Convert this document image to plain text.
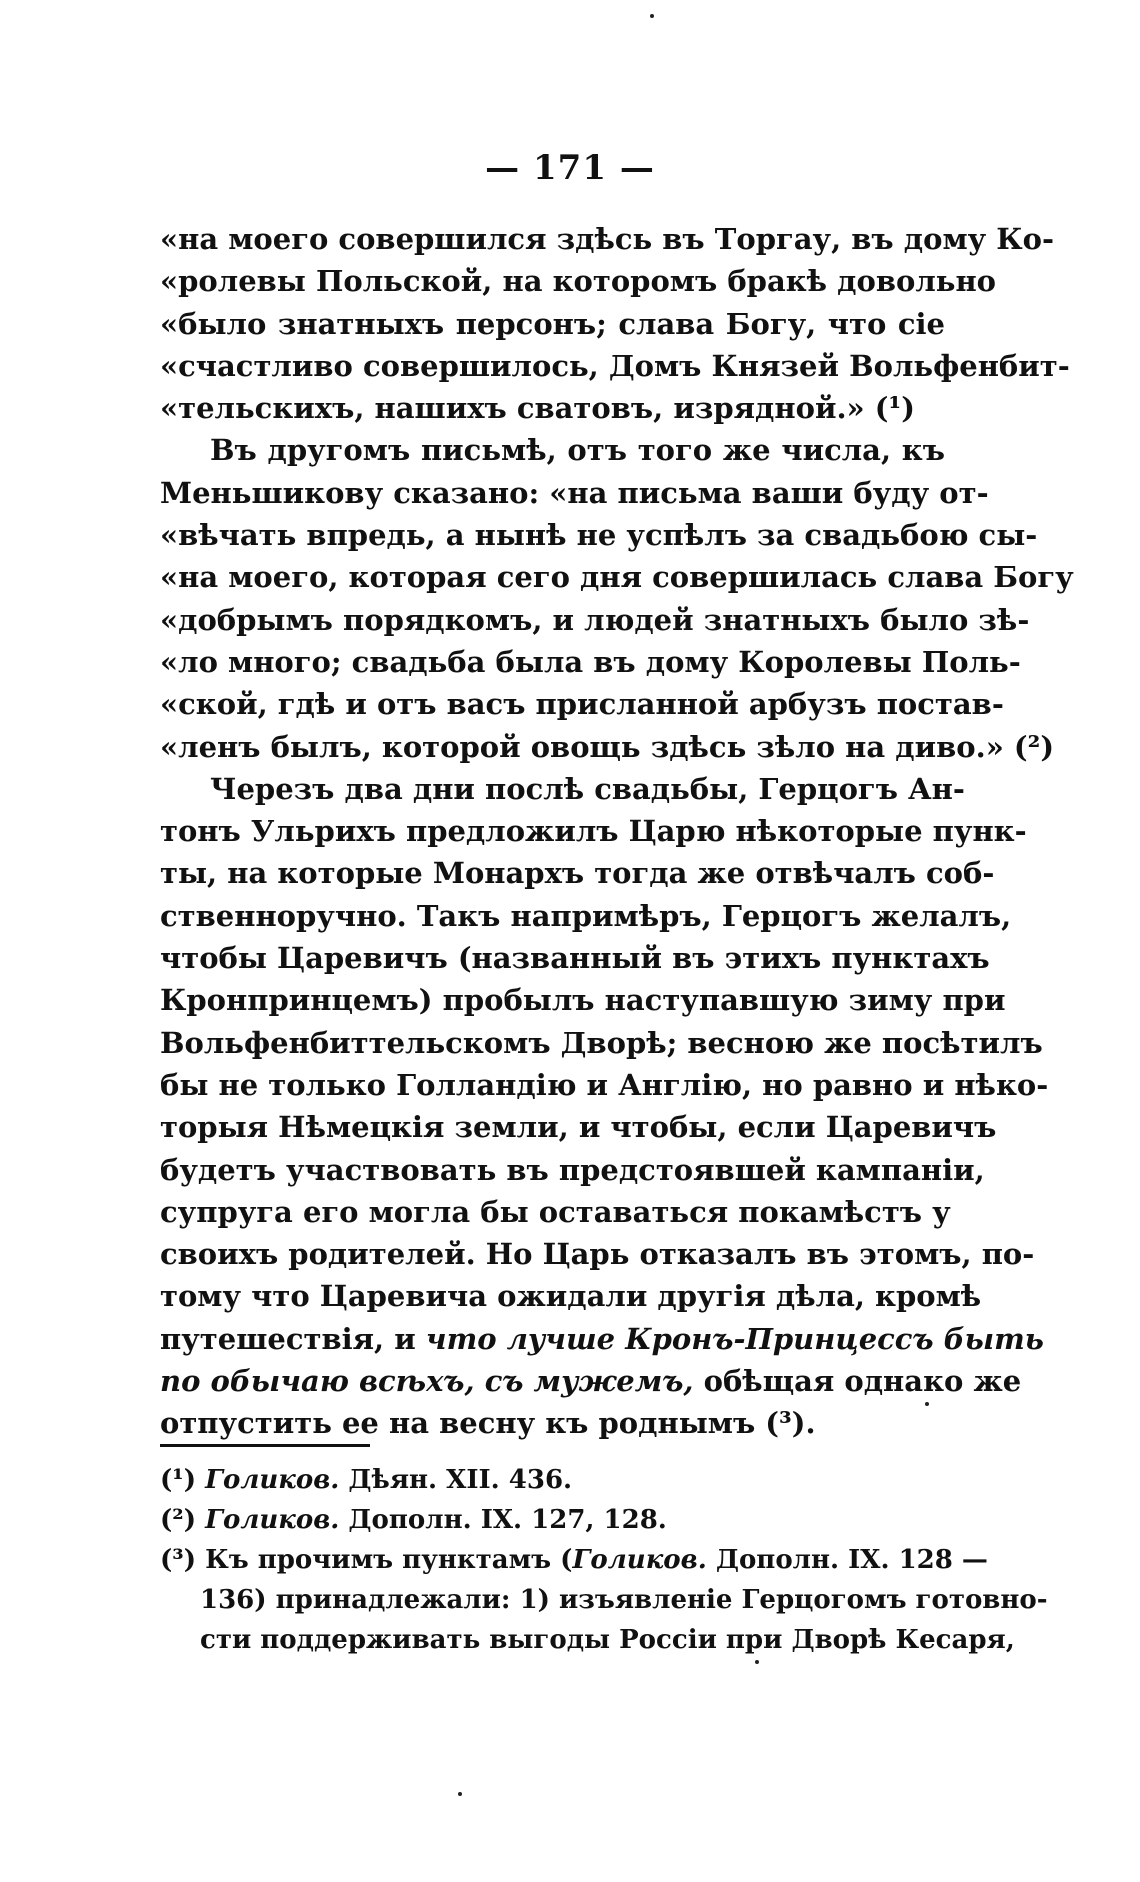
— 171 —
«на моего совершился здѣсь въ Торгау, въ дому Ко-
«ролевы Польской, на которомъ бракѣ довольно
«было знатныхъ персонъ; слава Богу, что сіе
«счастливо совершилось, Домъ Князей Вольфенбит-
«тельскихъ, нашихъ сватовъ, изрядной.» (¹)
Въ другомъ письмѣ, отъ того же числа, къ
Меньшикову сказано: «на письма ваши буду от-
«вѣчать впредь, а нынѣ не успѣлъ за свадьбою сы-
«на моего, которая сего дня совершилась слава Богу
«добрымъ порядкомъ, и людей знатныхъ было зѣ-
«ло много; свадьба была въ дому Королевы Поль-
«ской, гдѣ и отъ васъ присланной арбузъ постав-
«ленъ былъ, которой овощь здѣсь зѣло на диво.» (²)
Черезъ два дни послѣ свадьбы, Герцогъ Ан-
тонъ Ульрихъ предложилъ Царю нѣкоторые пунк-
ты, на которые Монархъ тогда же отвѣчалъ соб-
ственноручно. Такъ напримѣръ, Герцогъ желалъ,
чтобы Царевичъ (названный въ этихъ пунктахъ
Кронпринцемъ) пробылъ наступавшую зиму при
Вольфенбиттельскомъ Дворѣ; весною же посѣтилъ
бы не только Голландію и Англію, но равно и нѣко-
торыя Нѣмецкія земли, и чтобы, если Царевичъ
будетъ участвовать въ предстоявшей кампаніи,
супруга его могла бы оставаться покамѣстъ у
своихъ родителей. Но Царь отказалъ въ этомъ, по-
тому что Царевича ожидали другія дѣла, кромѣ
путешествія, и что лучше Кронъ-Принцессъ быть
по обычаю всѣхъ, съ мужемъ, обѣщая однако же
отпустить ее на весну къ роднымъ (³).
(¹) Голиков. Дѣян. XII. 436.
(²) Голиков. Дополн. IX. 127, 128.
(³) Къ прочимъ пунктамъ (Голиков. Дополн. IX. 128 —
136) принадлежали: 1) изъявленіе Герцогомъ готовно-
сти поддерживать выгоды Россіи при Дворѣ Кесаря,
